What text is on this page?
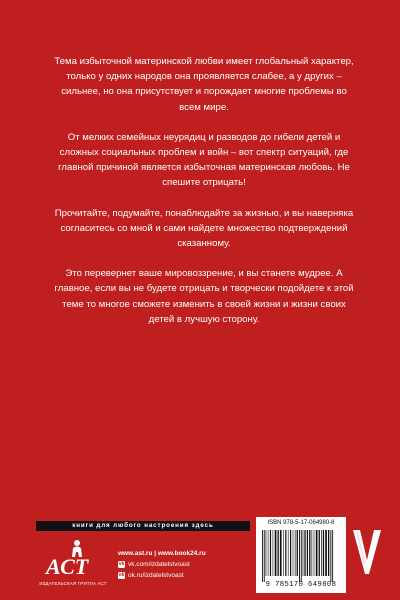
Тема избыточной материнской любви имеет глобальный характер, только у одних народов она проявляется слабее, а у других – сильнее, но она присутствует и порождает многие проблемы во всем мире.

От мелких семейных неурядиц и разводов до гибели детей и сложных социальных проблем и войн – вот спектр ситуаций, где главной причиной является избыточная материнская любовь. Не спешите отрицать!

Прочитайте, подумайте, понаблюдайте за жизнью, и вы наверняка согласитесь со мной и сами найдете множество подтверждений сказанному.

Это перевернет ваше мировоззрение, и вы станете мудрее. А главное, если вы не будете отрицать и творчески подойдете к этой теме то многое сможете изменить в своей жизни и жизни своих детей в лучшую сторону.

книги для любого настроения здесь
АСТ
ИЗДАТЕЛЬСКАЯ ГРУППА АСТ
www.ast.ru | www.book24.ru
vk vk.com/izdatelstvoast
ok ok.ru/izdatelstvoast
ISBN 978-5-17-064980-8
9 785170 649808
